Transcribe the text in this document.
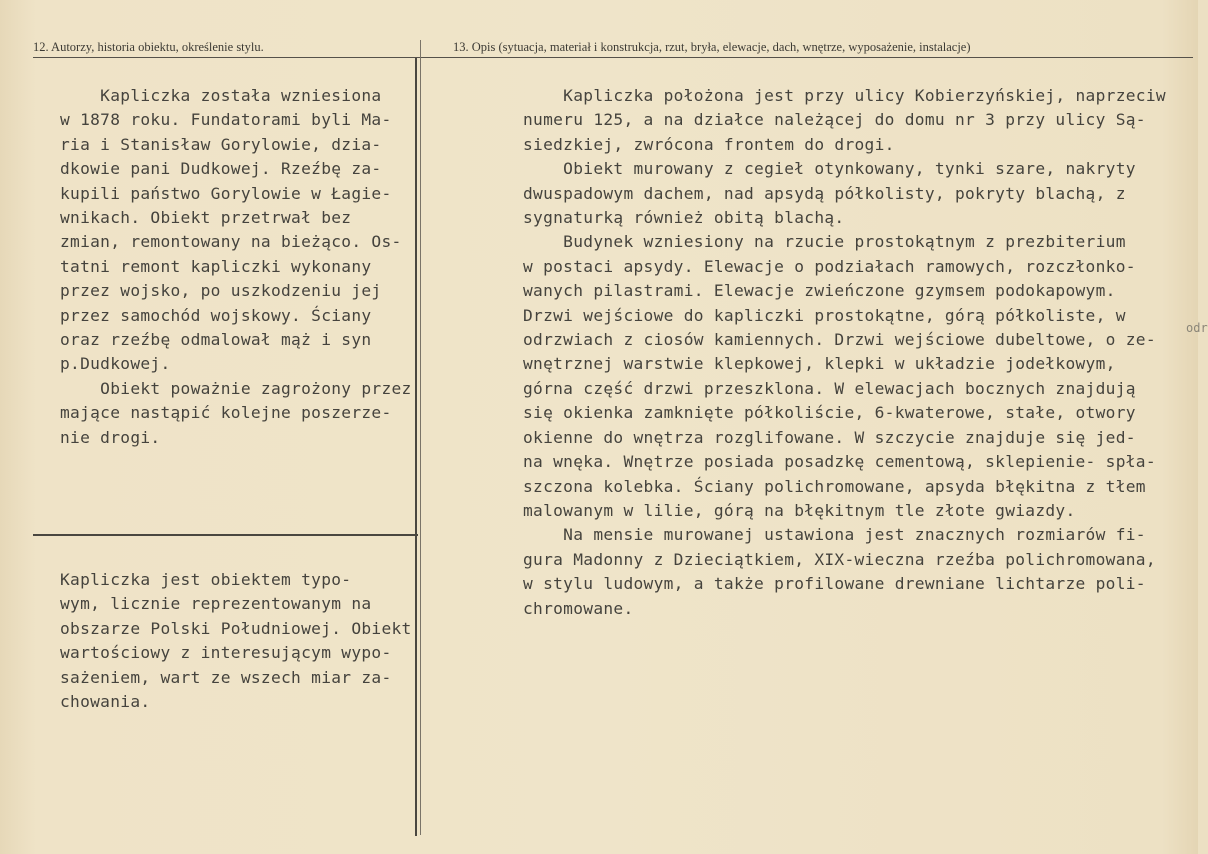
12. Autorzy, historia obiektu, określenie stylu.	13. Opis (sytuacja, materiał i konstrukcja, rzut, bryła, elewacje, dach, wnętrze, wyposażenie, instalacje)
Kapliczka została wzniesiona
w 1878 roku. Fundatorami byli Ma-
ria i Stanisław Gorylowie, dzia-
dkowie pani Dudkowej. Rzeźbę za-
kupili państwo Gorylowie w Łagie-
wnikach. Obiekt przetrwał bez
zmian, remontowany na bieżąco. Os-
tatni remont kapliczki wykonany
przez wojsko, po uszkodzeniu jej
przez samochód wojskowy. Ściany
oraz rzeźbę odmalował mąż i syn
p.Dudkowej.
Obiekt poważnie zagrożony przez
mające nastąpić kolejne poszerze-
nie drogi.
Kapliczka jest obiektem typo-
wym, licznie reprezentowanym na
obszarze Polski Południowej. Obiekt
wartościowy z interesującym wypo-
sażeniem, wart ze wszech miar za-
chowania.
Kapliczka położona jest przy ulicy Kobierzyńskiej, naprzeciw
numeru 125, a na działce należącej do domu nr 3 przy ulicy Są-
siedzkiej, zwrócona frontem do drogi.
Obiekt murowany z cegieł otynkowany, tynki szare, nakryty
dwuspadowym dachem, nad apsydą półkolisty, pokryty blachą, z
sygnaturką również obitą blachą.
Budynek wzniesiony na rzucie prostokątnym z prezbiterium
w postaci apsydy. Elewacje o podziałach ramowych, rozczłonko-
wanych pilastrami. Elewacje zwieńczone gzymsem podokapowym.
Drzwi wejściowe do kapliczki prostokątne, górą półkoliste, w
odrzwiach z ciosów kamiennych. Drzwi wejściowe dubeltowe, o ze-
wnętrznej warstwie klepkowej, klepki w układzie jodełkowym,
górna część drzwi przeszklona. W elewacjach bocznych znajdują
się okienka zamknięte półkoliście, 6-kwaterowe, stałe, otwory
okienne do wnętrza rozglifowane. W szczycie znajduje się jed-
na wnęka. Wnętrze posiada posadzkę cementową, sklepienie- spła-
szczona kolebka. Ściany polichromowane, apsyda błękitna z tłem
malowanym w lilie, górą na błękitnym tle złote gwiazdy.
Na mensie murowanej ustawiona jest znacznych rozmiarów fi-
gura Madonny z Dzieciątkiem, XIX-wieczna rzeźba polichromowana,
w stylu ludowym, a także profilowane drewniane lichtarze poli-
chromowane.
odr
